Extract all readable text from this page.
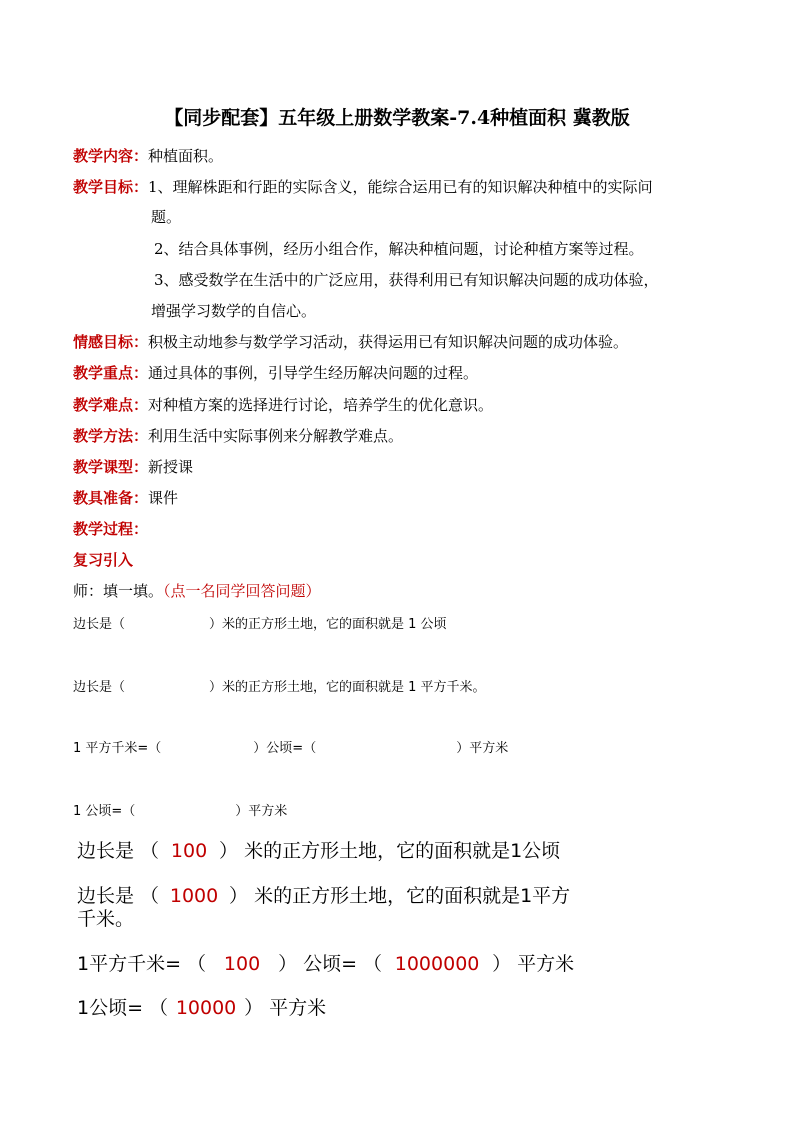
【同步配套】五年级上册数学教案-7.4种植面积 冀教版
教学内容：种植面积。
教学目标：1、理解株距和行距的实际含义，能综合运用已有的知识解决种植中的实际问
题。
2、结合具体事例，经历小组合作，解决种植问题，讨论种植方案等过程。
3、感受数学在生活中的广泛应用，获得利用已有知识解决问题的成功体验，
增强学习数学的自信心。
情感目标：积极主动地参与数学学习活动，获得运用已有知识解决问题的成功体验。
教学重点：通过具体的事例，引导学生经历解决问题的过程。
教学难点：对种植方案的选择进行讨论，培养学生的优化意识。
教学方法：利用生活中实际事例来分解教学难点。
教学课型：新授课
教具准备：课件
教学过程：
复习引入
师：填一填。（点一名同学回答问题）
边长是（	）米的正方形土地，它的面积就是 1 公顷
边长是（	）米的正方形土地，它的面积就是 1 平方千米。
1 平方千米=（	）公顷=（	）平方米
1 公顷=（	）平方米
边长是 （ 100 ） 米的正方形土地，它的面积就是1公顷
边长是 （ 1000 ） 米的正方形土地，它的面积就是1平方
千米。
1平方千米= （ 100 ） 公顷= （ 1000000 ） 平方米
1公顷= （ 10000 ） 平方米
